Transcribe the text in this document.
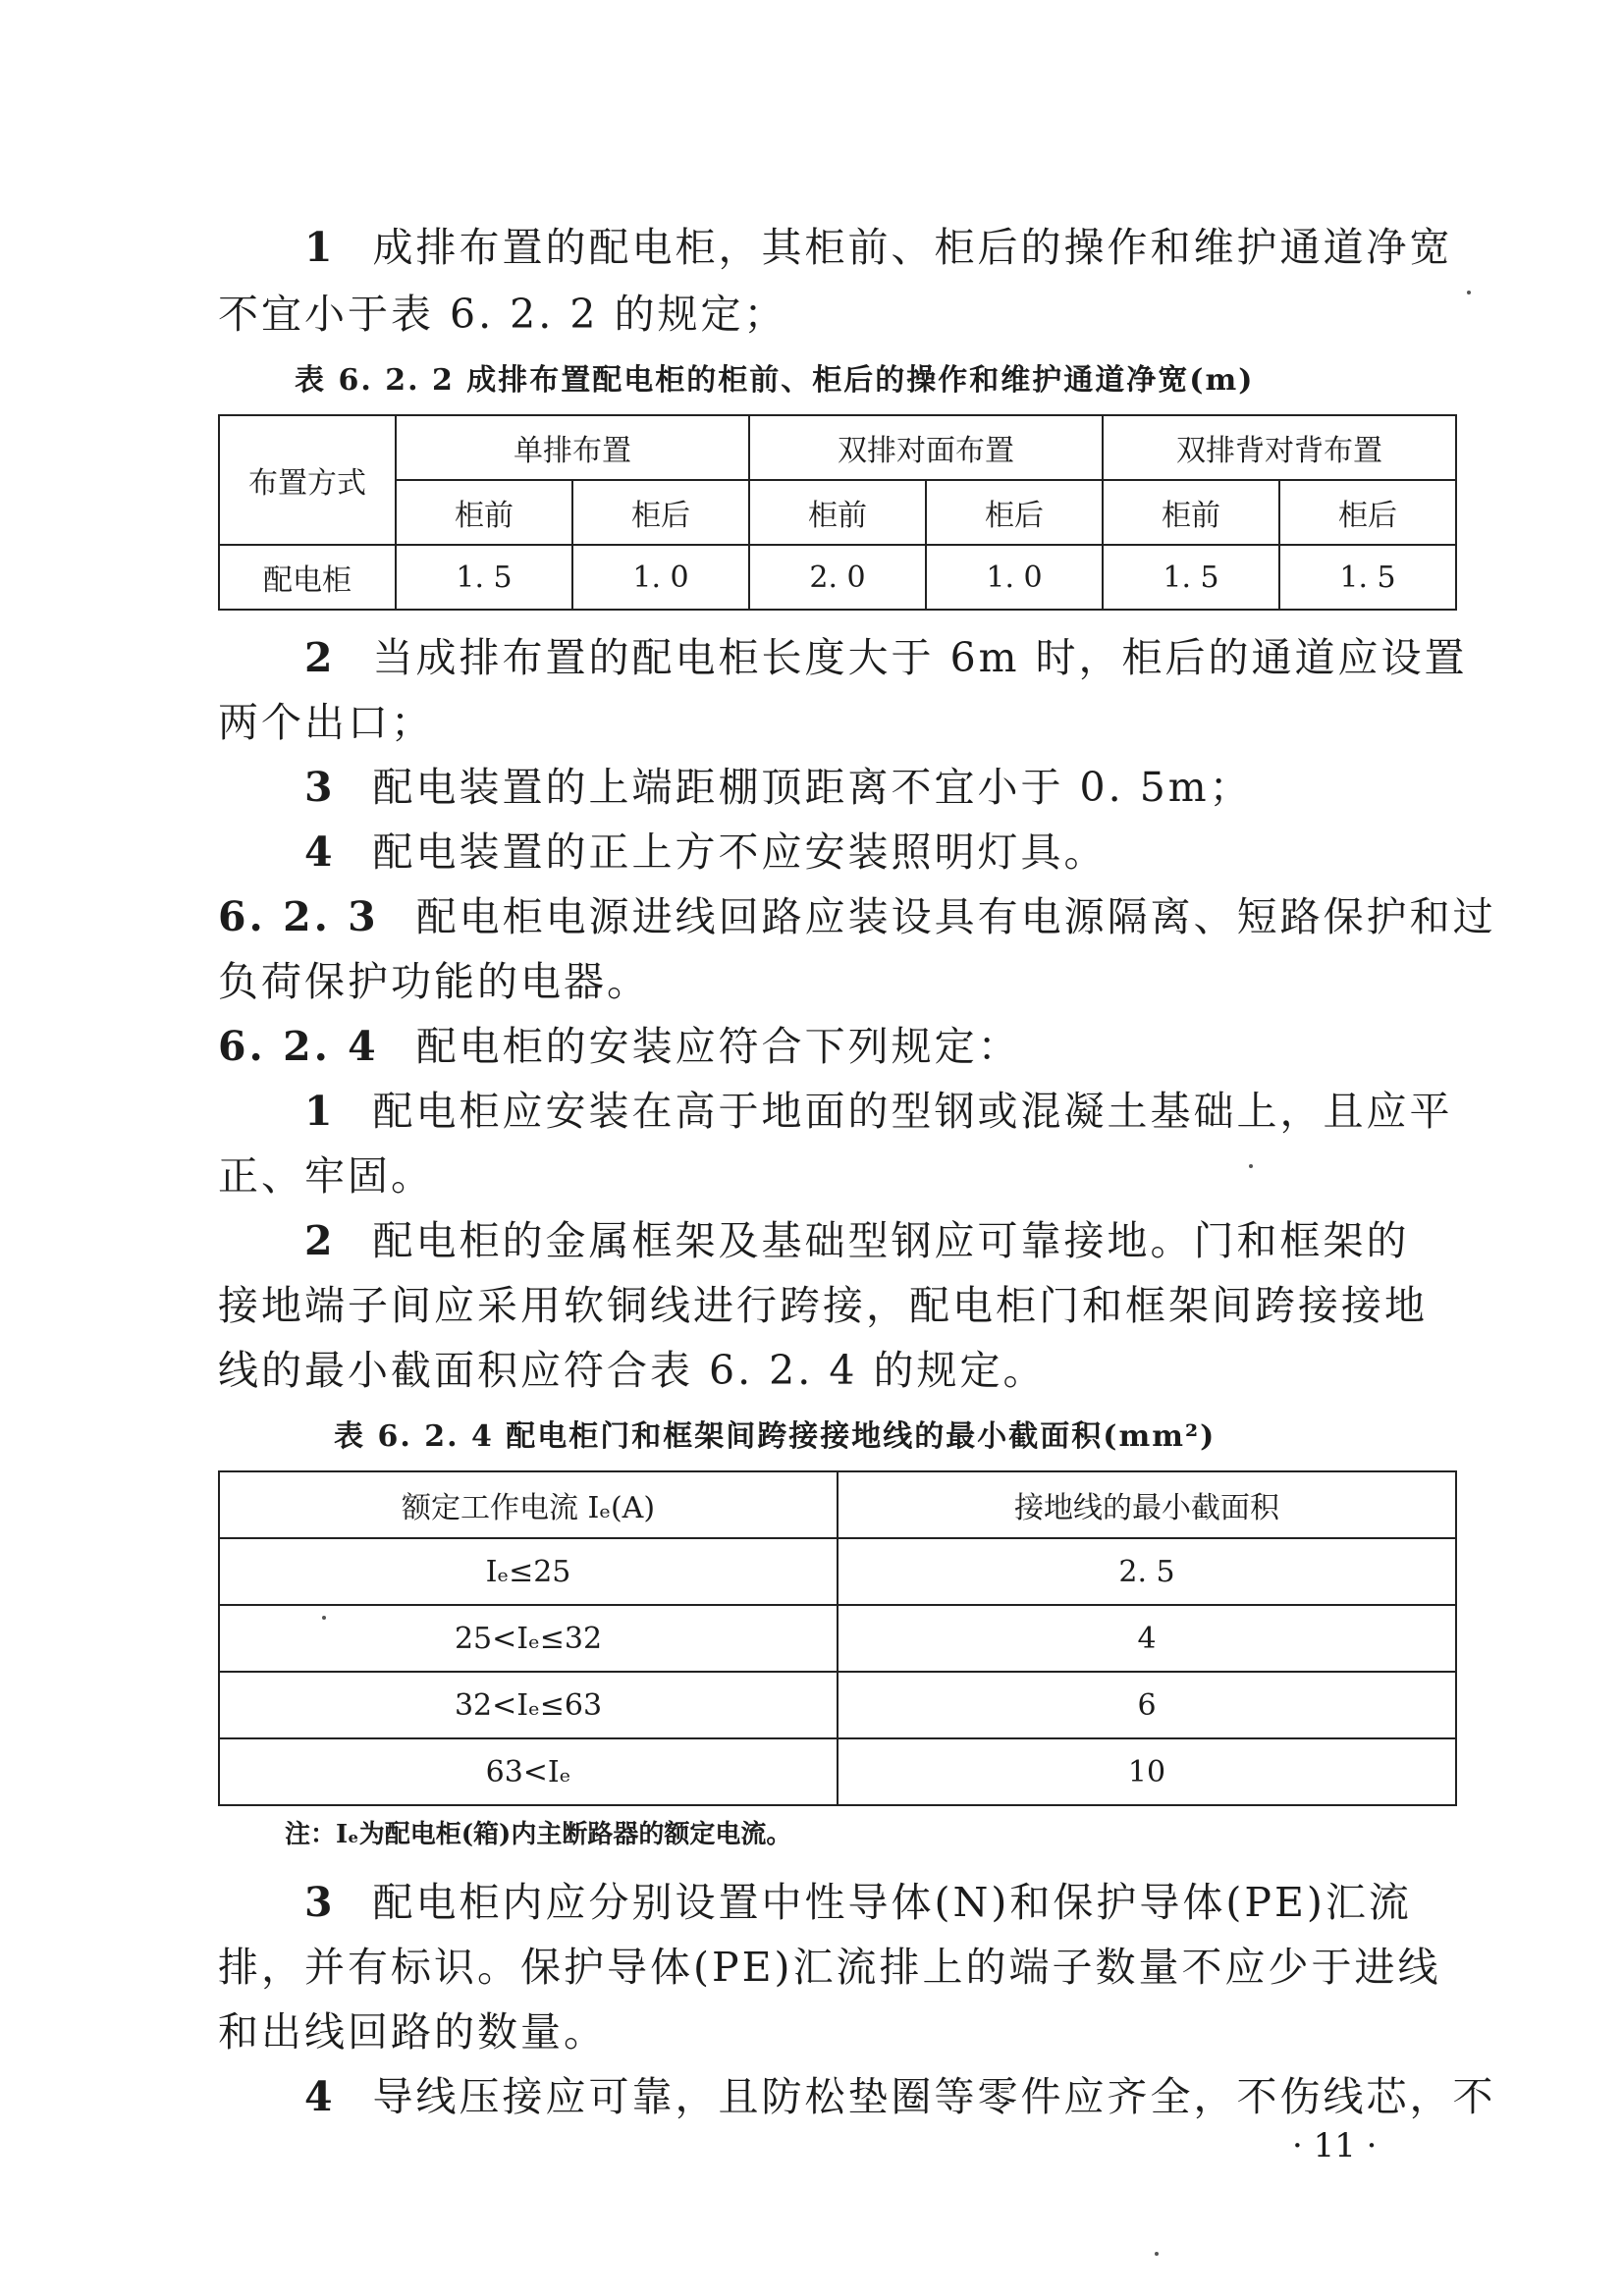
1 成排布置的配电柜，其柜前、柜后的操作和维护通道净宽
不宜小于表 6. 2. 2 的规定；
表 6. 2. 2 成排布置配电柜的柜前、柜后的操作和维护通道净宽(m)
布置方式	单排布置		双排对面布置		双排背对背布置	
	柜前	柜后	柜前	柜后	柜前	柜后
配电柜	1. 5	1. 0	2. 0	1. 0	1. 5	1. 5
2 当成排布置的配电柜长度大于 6m 时，柜后的通道应设置
两个出口；
3 配电装置的上端距棚顶距离不宜小于 0. 5m；
4 配电装置的正上方不应安装照明灯具。
6. 2. 3 配电柜电源进线回路应装设具有电源隔离、短路保护和过
负荷保护功能的电器。
6. 2. 4 配电柜的安装应符合下列规定：
1 配电柜应安装在高于地面的型钢或混凝土基础上，且应平
正、牢固。
2 配电柜的金属框架及基础型钢应可靠接地。门和框架的
接地端子间应采用软铜线进行跨接，配电柜门和框架间跨接接地
线的最小截面积应符合表 6. 2. 4 的规定。
表 6. 2. 4 配电柜门和框架间跨接接地线的最小截面积(mm²)
额定工作电流 Iₑ(A)	接地线的最小截面积
Iₑ≤25	2. 5
25<Iₑ≤32	4
32<Iₑ≤63	6
63<Iₑ	10
注：Iₑ为配电柜(箱)内主断路器的额定电流。
3 配电柜内应分别设置中性导体(N)和保护导体(PE)汇流
排，并有标识。保护导体(PE)汇流排上的端子数量不应少于进线
和出线回路的数量。
4 导线压接应可靠，且防松垫圈等零件应齐全，不伤线芯，不
· 11 ·
